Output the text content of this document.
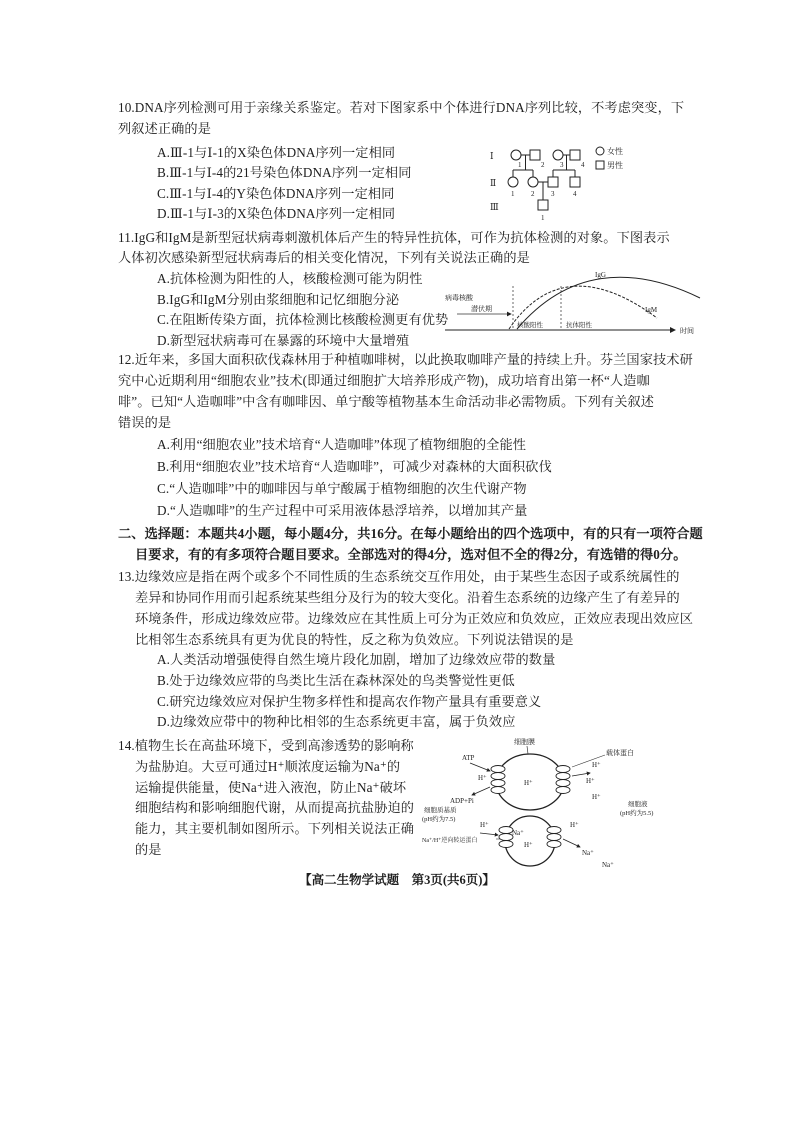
10.DNA序列检测可用于亲缘关系鉴定。若对下图家系中个体进行DNA序列比较，不考虑突变，下
列叙述正确的是
A.Ⅲ-1与Ⅰ-1的X染色体DNA序列一定相同
B.Ⅲ-1与Ⅰ-4的21号染色体DNA序列一定相同
C.Ⅲ-1与Ⅰ-4的Y染色体DNA序列一定相同
D.Ⅲ-1与Ⅰ-3的X染色体DNA序列一定相同
Ⅰ
Ⅱ
Ⅲ
1	2 3	4
1 2 3	4
1
女性
男性
11.IgG和IgM是新型冠状病毒刺激机体后产生的特异性抗体，可作为抗体检测的对象。下图表示
人体初次感染新型冠状病毒后的相关变化情况，下列有关说法正确的是
A.抗体检测为阳性的人，核酸检测可能为阴性
B.IgG和IgM分别由浆细胞和记忆细胞分泌
C.在阻断传染方面，抗体检测比核酸检测更有优势
D.新型冠状病毒可在暴露的环境中大量增殖
病毒核酸
潜伏期
核酸阳性	抗体阳性
时间
IgG
IgM
12.近年来，多国大面积砍伐森林用于种植咖啡树，以此换取咖啡产量的持续上升。芬兰国家技术研
究中心近期利用“细胞农业”技术(即通过细胞扩大培养形成产物)，成功培育出第一杯“人造咖
啡”。已知“人造咖啡”中含有咖啡因、单宁酸等植物基本生命活动非必需物质。下列有关叙述
错误的是
A.利用“细胞农业”技术培育“人造咖啡”体现了植物细胞的全能性
B.利用“细胞农业”技术培育“人造咖啡”，可减少对森林的大面积砍伐
C.“人造咖啡”中的咖啡因与单宁酸属于植物细胞的次生代谢产物
D.“人造咖啡”的生产过程中可采用液体悬浮培养，以增加其产量
二、选择题：本题共4小题，每小题4分，共16分。在每小题给出的四个选项中，有的只有一项符合题
目要求，有的有多项符合题目要求。全部选对的得4分，选对但不全的得2分，有选错的得0分。
13.边缘效应是指在两个或多个不同性质的生态系统交互作用处，由于某些生态因子或系统属性的
差异和协同作用而引起系统某些组分及行为的较大变化。沿着生态系统的边缘产生了有差异的
环境条件，形成边缘效应带。边缘效应在其性质上可分为正效应和负效应，正效应表现出效应区
比相邻生态系统具有更为优良的特性，反之称为负效应。下列说法错误的是
A.人类活动增强使得自然生境片段化加剧，增加了边缘效应带的数量
B.处于边缘效应带的鸟类比生活在森林深处的鸟类警觉性更低
C.研究边缘效应对保护生物多样性和提高农作物产量具有重要意义
D.边缘效应带中的物种比相邻的生态系统更丰富，属于负效应
14.植物生长在高盐环境下，受到高渗透势的影响称
为盐胁迫。大豆可通过H⁺顺浓度运输为Na⁺的
运输提供能量，使Na⁺进入液泡，防止Na⁺破坏
细胞结构和影响细胞代谢，从而提高抗盐胁迫的
能力，其主要机制如图所示。下列相关说法正确
的是
细胞膜
ATP
ADP+Pi
载体蛋白
细胞质基质
(pH约为7.5)
细胞液
(pH约为5.5)
Na⁺/H⁺逆向转运蛋白
H⁺
H⁺
H⁺
H⁺
H⁺
H⁺
H⁺
H⁺
Na⁺
Na⁺
Na⁺
【高二生物学试题　第3页(共6页)】
